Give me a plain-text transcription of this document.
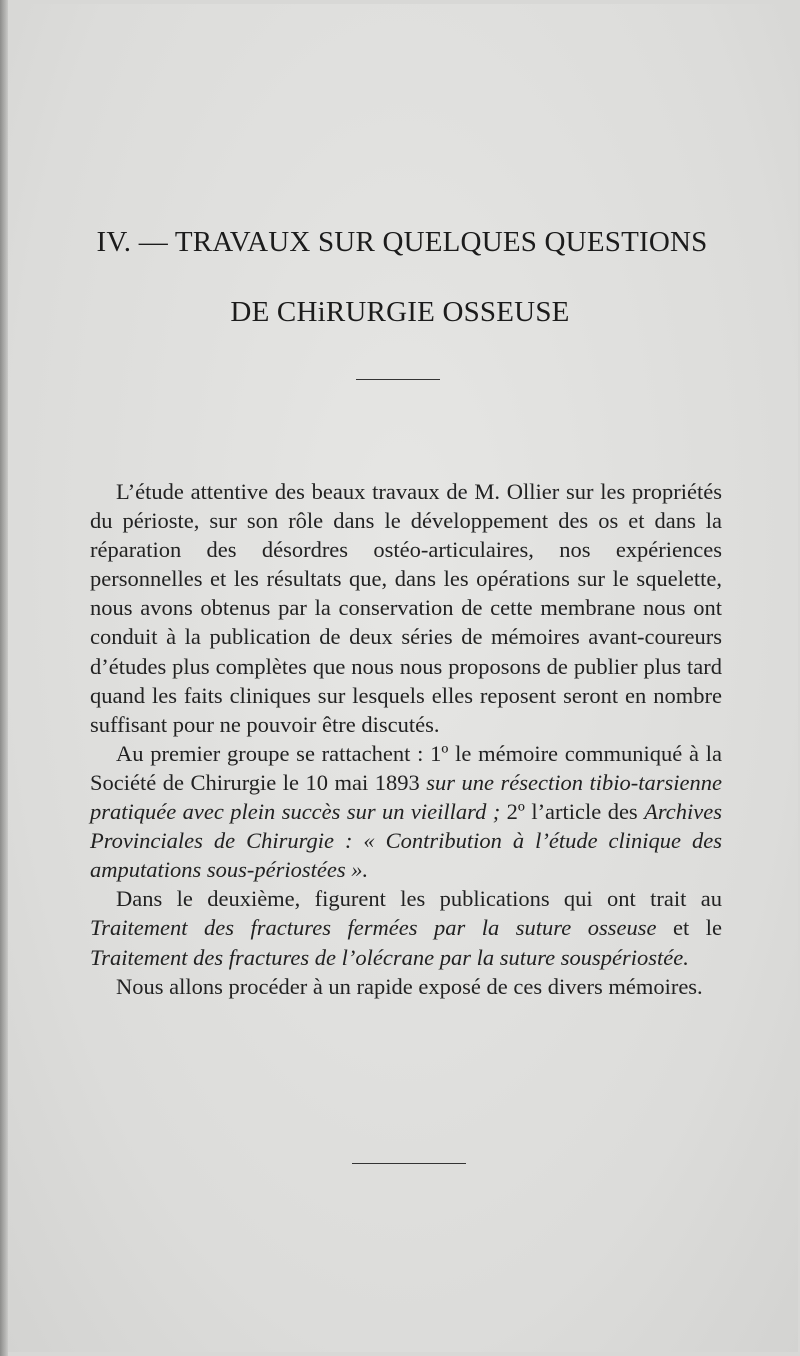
IV. — TRAVAUX SUR QUELQUES QUESTIONS
DE CHiRURGIE OSSEUSE

L’étude attentive des beaux travaux de M. Ollier sur les propriétés du périoste, sur son rôle dans le développement des os et dans la réparation des désordres ostéo-articulaires, nos expériences personnelles et les résultats que, dans les opérations sur le squelette, nous avons obtenus par la conservation de cette membrane nous ont conduit à la publication de deux séries de mémoires avant-coureurs d’études plus complètes que nous nous proposons de publier plus tard quand les faits cliniques sur lesquels elles reposent seront en nombre suffisant pour ne pouvoir être discutés.

Au premier groupe se rattachent : 1º le mémoire communiqué à la Société de Chirurgie le 10 mai 1893 sur une résection tibio-tarsienne pratiquée avec plein succès sur un vieillard ; 2º l’article des Archives Provinciales de Chirurgie : « Contribution à l’étude clinique des amputations sous-périostées ».

Dans le deuxième, figurent les publications qui ont trait au Traitement des fractures fermées par la suture osseuse et le Traitement des fractures de l’olécrane par la suture souspériostée.

Nous allons procéder à un rapide exposé de ces divers mémoires.
